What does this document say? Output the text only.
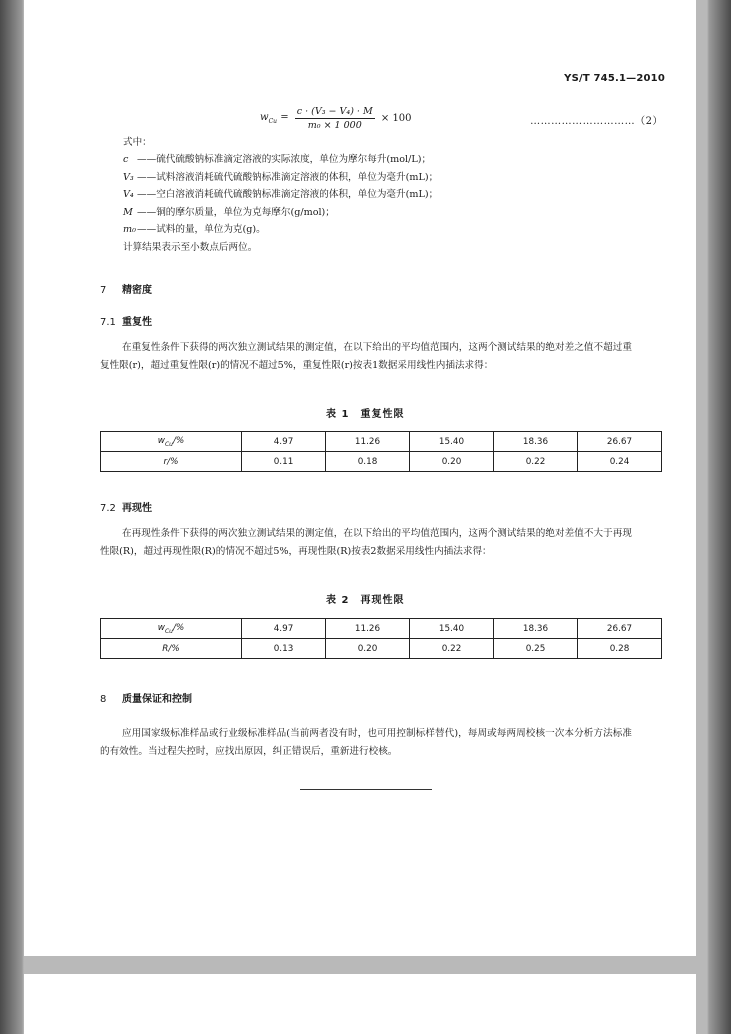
YS/T 745.1—2010
$w_{Cu} = \frac{\text{c · (V₃ − V₄) · M}}{\text{m₀ × 1 000}} \times 100$	…………………………（2）
式中：
c ——硫代硫酸钠标准滴定溶液的实际浓度，单位为摩尔每升(mol/L)；
V₃ ——试料溶液消耗硫代硫酸钠标准滴定溶液的体积，单位为毫升(mL)；
V₄ ——空白溶液消耗硫代硫酸钠标准滴定溶液的体积，单位为毫升(mL)；
M ——铜的摩尔质量，单位为克每摩尔(g/mol)；
m₀——试料的量，单位为克(g)。
计算结果表示至小数点后两位。
7 精密度
7.1 重复性
在重复性条件下获得的两次独立测试结果的测定值，在以下给出的平均值范围内，这两个测试结果的绝对差之值不超过重复性限(r)，超过重复性限(r)的情况不超过5%，重复性限(r)按表1数据采用线性内插法求得：
表 1　重复性限
$w_{Cu}/\%$	4.97	11.26	15.40	18.36	26.67
r/%	0.11	0.18	0.20	0.22	0.24
7.2 再现性
在再现性条件下获得的两次独立测试结果的测定值，在以下给出的平均值范围内，这两个测试结果的绝对差值不大于再现性限(R)，超过再现性限(R)的情况不超过5%，再现性限(R)按表2数据采用线性内插法求得：
表 2　再现性限
$w_{Cu}/\%$	4.97	11.26	15.40	18.36	26.67
R/%	0.13	0.20	0.22	0.25	0.28
8 质量保证和控制
应用国家级标准样品或行业级标准样品(当前两者没有时，也可用控制标样替代)，每周或每两周校核一次本分析方法标准的有效性。当过程失控时，应找出原因，纠正错误后，重新进行校核。
